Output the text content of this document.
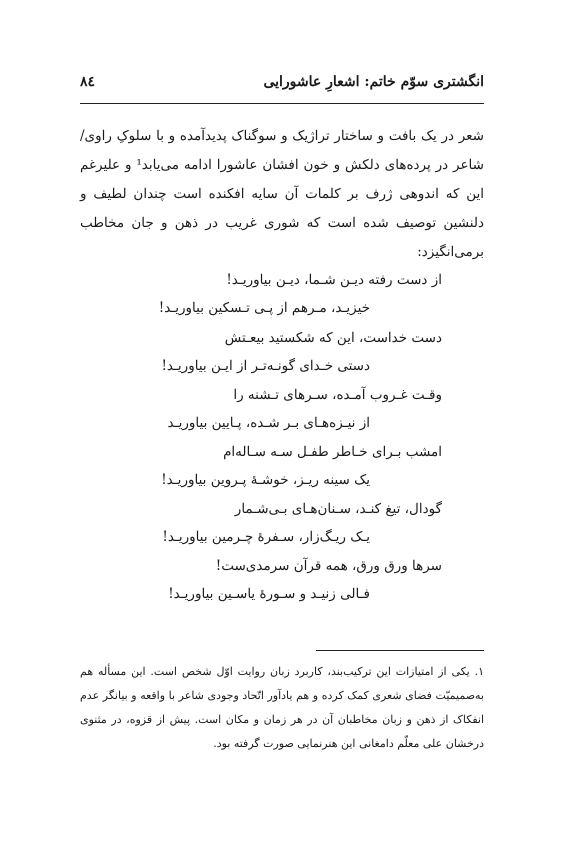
انگشتری سوّم خاتم: اشعارِ عاشورایی
۸٤
شعر در یک بافت و ساختار تراژیک و سوگناک پدیدآمده و با سلوکِ راوی/شاعر در پرده‌های دلکش و خون افشان عاشورا ادامه می‌یابد¹ و علیرغم این که اندوهی ژرف بر کلمات آن سایه افکنده است چندان لطیف و دلنشین توصیف شده است که شوری غریب در ذهن و جان مخاطب برمی‌انگیزد:
از دست رفته دیـن شـما، دیـن بیاوریـد!
خیزیـد، مـرهم از پـی تـسکین بیاوریـد!
دست خداست، این که شکستید بیعـتش
دستی خـدای گونـه‌تـر از ایـن بیاوریـد!
وقـت غـروب آمـده، سـرهای تـشنه را
از نیـزه‌هـای بـر شـده، پـایین بیاوریـد
امشب بـرای خـاطر طفـل سـه سـاله‌ام
یک سینه ریـز، خوشـهٔ پـروین بیاوریـد!
گودال، تیغ کنـد، سـنان‌هـای بـی‌شـمار
یـک ریـگ‌زار، سـفرهٔ چـرمین بیاوریـد!
سرها ورق ورق، همه قرآن سرمدی‌ست!
فـالی زنیـد و سـورهٔ یاسـین بیاوریـد!
۱. یکی از امتیازات این ترکیب‌بند، کاربرد زبان روایت اوّل شخص است. این مسأله هم به‌صمیمیّت فضای شعری کمک کرده و هم یادآور اتّحاد وجودی شاعر با واقعه و بیانگر عدم انفکاک از ذهن و زبان مخاطبان آن در هر زمان و مکان است. پیش از قزوه، در مثنوی درخشان علی معلّم دامغانی این هنرنمایی صورت گرفته بود.
